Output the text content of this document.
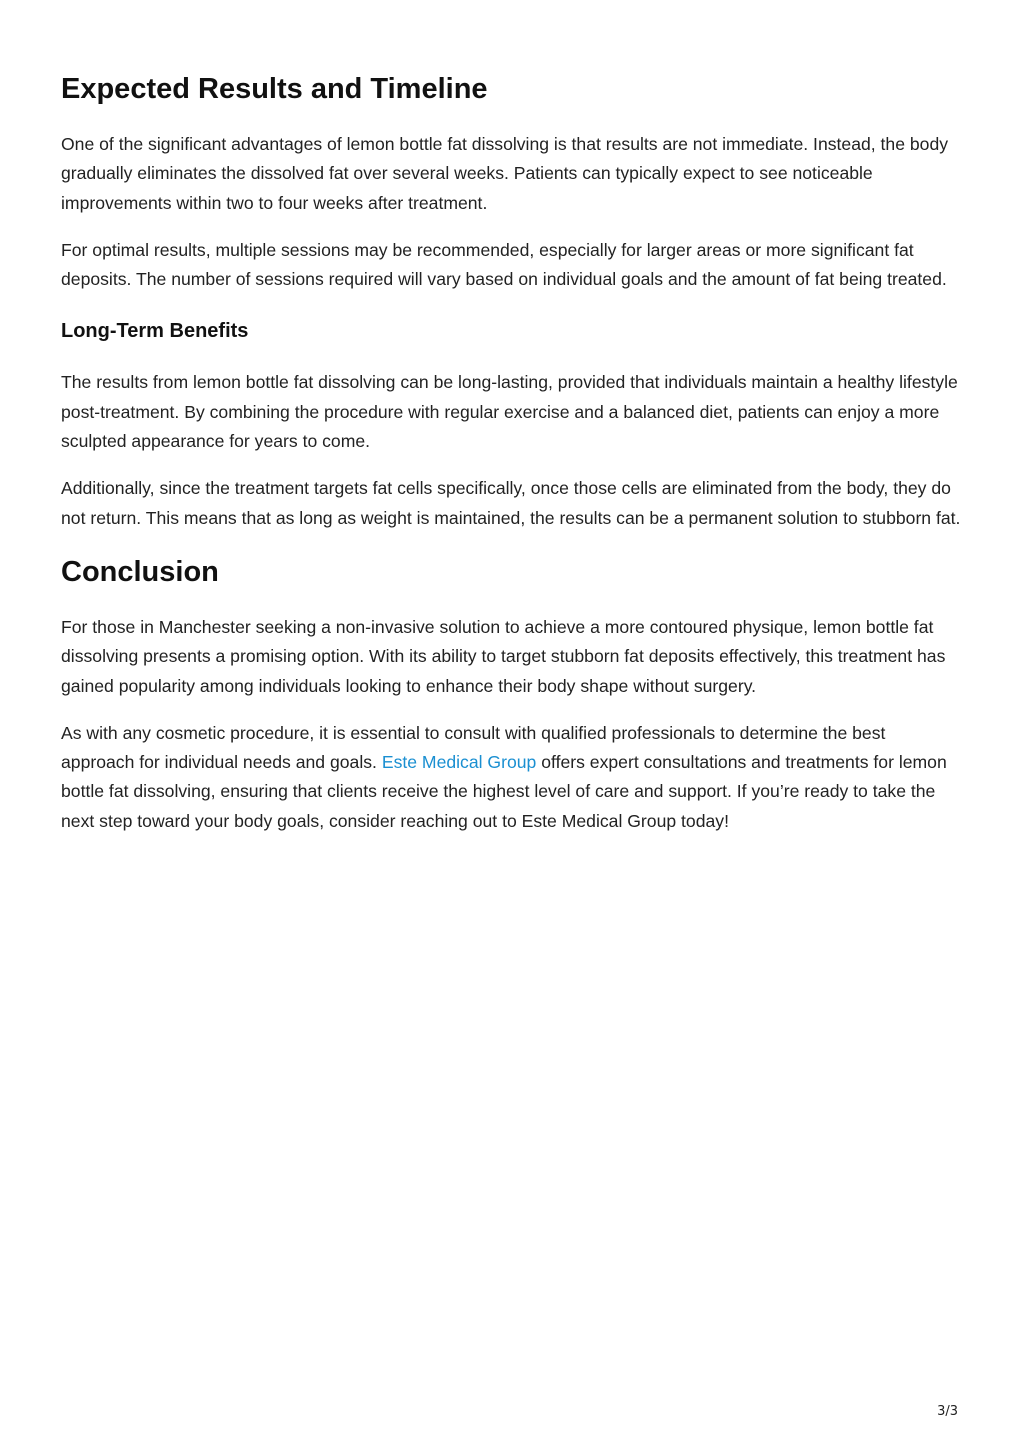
Expected Results and Timeline

One of the significant advantages of lemon bottle fat dissolving is that results are not immediate. Instead, the body gradually eliminates the dissolved fat over several weeks. Patients can typically expect to see noticeable improvements within two to four weeks after treatment.

For optimal results, multiple sessions may be recommended, especially for larger areas or more significant fat deposits. The number of sessions required will vary based on individual goals and the amount of fat being treated.

Long-Term Benefits

The results from lemon bottle fat dissolving can be long-lasting, provided that individuals maintain a healthy lifestyle post-treatment. By combining the procedure with regular exercise and a balanced diet, patients can enjoy a more sculpted appearance for years to come.

Additionally, since the treatment targets fat cells specifically, once those cells are eliminated from the body, they do not return. This means that as long as weight is maintained, the results can be a permanent solution to stubborn fat.

Conclusion

For those in Manchester seeking a non-invasive solution to achieve a more contoured physique, lemon bottle fat dissolving presents a promising option. With its ability to target stubborn fat deposits effectively, this treatment has gained popularity among individuals looking to enhance their body shape without surgery.

As with any cosmetic procedure, it is essential to consult with qualified professionals to determine the best approach for individual needs and goals. Este Medical Group offers expert consultations and treatments for lemon bottle fat dissolving, ensuring that clients receive the highest level of care and support. If you’re ready to take the next step toward your body goals, consider reaching out to Este Medical Group today!

3/3
